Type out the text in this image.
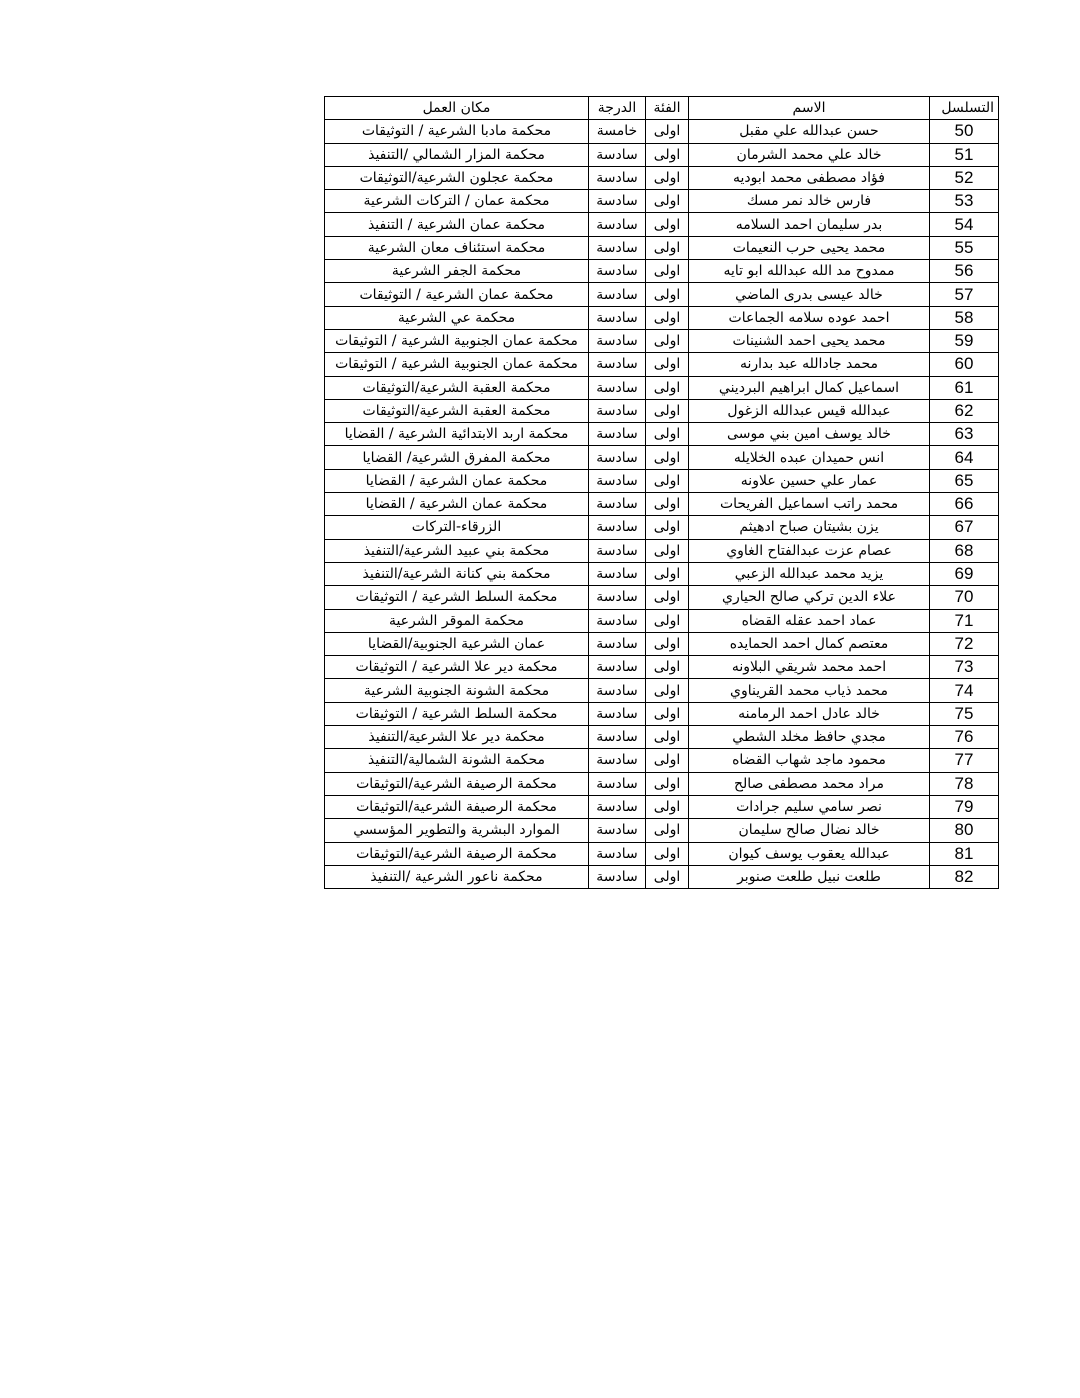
مكان العمل	الدرجة	الفئة	الاسم	التسلسل
محكمة مادبا الشرعية / التوثيقات	خامسة	اولى	حسن عبدالله علي مقبل	50
محكمة المزار الشمالي /التنفيذ	سادسة	اولى	خالد علي محمد الشرمان	51
محكمة عجلون الشرعية/التوثيقات	سادسة	اولى	فؤاد مصطفى محمد ابوديه	52
محكمة عمان / التركات الشرعية	سادسة	اولى	فارس خالد نمر مسك	53
محكمة عمان الشرعية / التنفيذ	سادسة	اولى	بدر سليمان احمد السلامه	54
محكمة استئناف معان الشرعية	سادسة	اولى	محمد يحيى حرب النعيمات	55
محكمة الجفر الشرعية	سادسة	اولى	ممدوح مد الله عبدالله ابو تايه	56
محكمة عمان الشرعية / التوثيقات	سادسة	اولى	خالد عيسى بدرى الماضي	57
محكمة عي الشرعية	سادسة	اولى	احمد عوده سلامه الجماعات	58
محكمة عمان الجنوبية الشرعية / التوثيقات	سادسة	اولى	محمد يحيى احمد الشنينات	59
محكمة عمان الجنوبية الشرعية / التوثيقات	سادسة	اولى	محمد جادالله عبد بدارنه	60
محكمة العقبة الشرعية/التوثيقات	سادسة	اولى	اسماعيل كمال ابراهيم البرديني	61
محكمة العقبة الشرعية/التوثيقات	سادسة	اولى	عبدالله قيس عبدالله الزغول	62
محكمة اربد الابتدائية الشرعية / القضايا	سادسة	اولى	خالد يوسف امين بني موسى	63
محكمة المفرق الشرعية/ القضايا	سادسة	اولى	انس حميدان عبده الخلايله	64
محكمة عمان الشرعية / القضايا	سادسة	اولى	عمار علي حسين علاونه	65
محكمة عمان الشرعية / القضايا	سادسة	اولى	محمد راتب اسماعيل الفريحات	66
الزرقاء-التركات	سادسة	اولى	يزن بشيتان صباح ادهيثم	67
محكمة بني عبيد الشرعية/التنفيذ	سادسة	اولى	عصام عزت عبدالفتاح الغاوي	68
محكمة بني كنانة الشرعية/التنفيذ	سادسة	اولى	يزيد محمد عبدالله الزعبي	69
محكمة السلط الشرعية / التوثيقات	سادسة	اولى	علاء الدين تركي صالح الحياري	70
محكمة الموقر الشرعية	سادسة	اولى	عماد احمد عقله القضاه	71
عمان الشرعية الجنوبية/القضايا	سادسة	اولى	معتصم كمال احمد الحمايده	72
محكمة دير علا الشرعية / التوثيقات	سادسة	اولى	احمد محمد شريقي البلاونه	73
محكمة الشونة الجنوبية الشرعية	سادسة	اولى	محمد ذياب محمد القريناوي	74
محكمة السلط الشرعية / التوثيقات	سادسة	اولى	خالد عادل احمد الرمامنه	75
محكمة دير علا الشرعية/التنفيذ	سادسة	اولى	مجدي حافظ مخلد الشطي	76
محكمة الشونة الشمالية/التنفيذ	سادسة	اولى	محمود ماجد شهاب القضاه	77
محكمة الرصيفة الشرعية/التوثيقات	سادسة	اولى	مراد محمد مصطفى صالح	78
محكمة الرصيفة الشرعية/التوثيقات	سادسة	اولى	نصر سامي سليم جرادات	79
الموارد البشرية والتطوير المؤسسي	سادسة	اولى	خالد نضال صالح سليمان	80
محكمة الرصيفة الشرعية/التوثيقات	سادسة	اولى	عبدالله يعقوب يوسف كيوان	81
محكمة ناعور الشرعية /التنفيذ	سادسة	اولى	طلعت نبيل طلعت صنوبر	82
